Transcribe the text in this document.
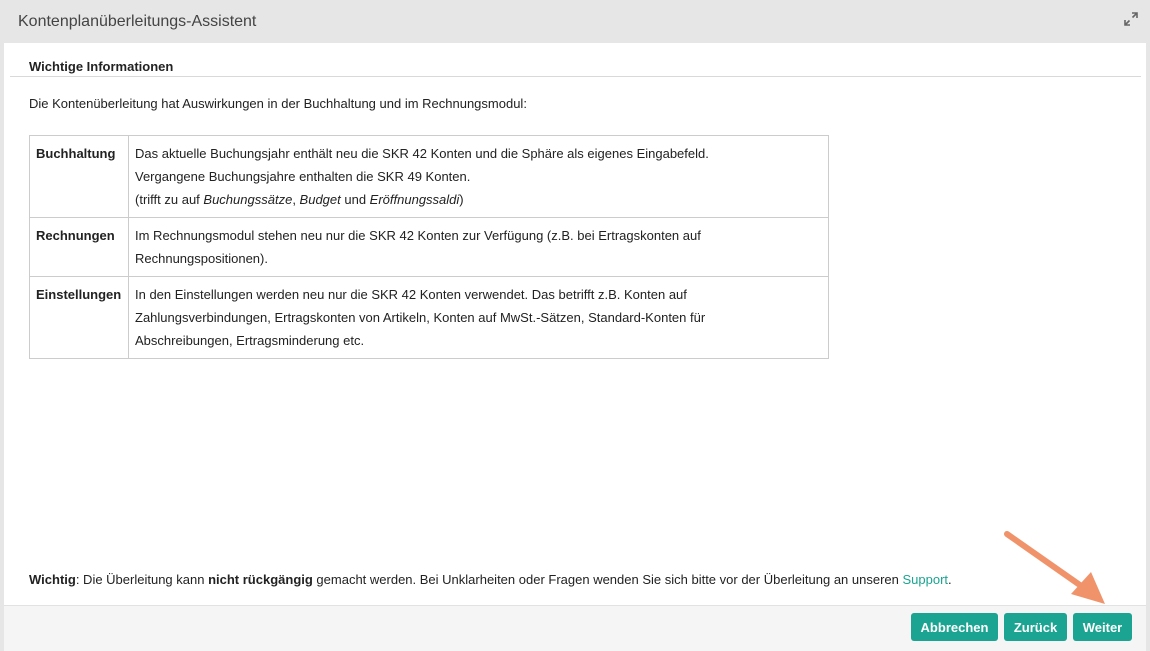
Kontenplanüberleitungs-Assistent
Wichtige Informationen
Die Kontenüberleitung hat Auswirkungen in der Buchhaltung und im Rechnungsmodul:
Buchhaltung	Das aktuelle Buchungsjahr enthält neu die SKR 42 Konten und die Sphäre als eigenes Eingabefeld.
Vergangene Buchungsjahre enthalten die SKR 49 Konten.
(trifft zu auf Buchungssätze, Budget und Eröffnungssaldi)

Rechnungen	Im Rechnungsmodul stehen neu nur die SKR 42 Konten zur Verfügung (z.B. bei Ertragskonten auf
Rechnungspositionen).

Einstellungen	In den Einstellungen werden neu nur die SKR 42 Konten verwendet. Das betrifft z.B. Konten auf
Zahlungsverbindungen, Ertragskonten von Artikeln, Konten auf MwSt.-Sätzen, Standard-Konten für
Abschreibungen, Ertragsminderung etc.
Wichtig: Die Überleitung kann nicht rückgängig gemacht werden. Bei Unklarheiten oder Fragen wenden Sie sich bitte vor der Überleitung an unseren Support.
Abbrechen	Zurück	Weiter
